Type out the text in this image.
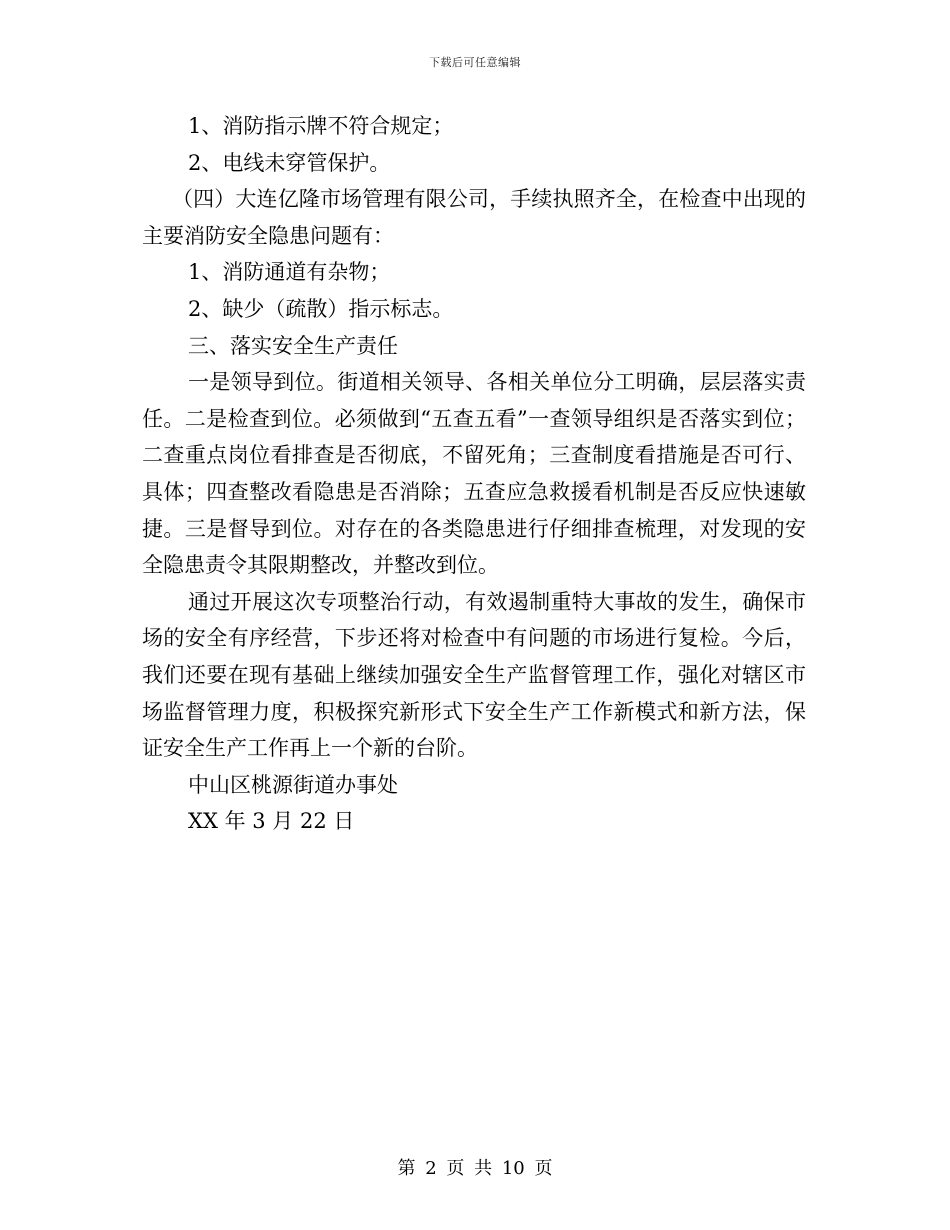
下载后可任意编辑

1、消防指示牌不符合规定；

2、电线未穿管保护。

（四）大连亿隆市场管理有限公司，手续执照齐全，在检查中出现的主要消防安全隐患问题有：

1、消防通道有杂物；

2、缺少（疏散）指示标志。

三、落实安全生产责任

一是领导到位。街道相关领导、各相关单位分工明确，层层落实责任。二是检查到位。必须做到“五查五看”一查领导组织是否落实到位；二查重点岗位看排查是否彻底，不留死角；三查制度看措施是否可行、具体；四查整改看隐患是否消除；五查应急救援看机制是否反应快速敏捷。三是督导到位。对存在的各类隐患进行仔细排查梳理，对发现的安全隐患责令其限期整改，并整改到位。

通过开展这次专项整治行动，有效遏制重特大事故的发生，确保市场的安全有序经营，下步还将对检查中有问题的市场进行复检。今后，我们还要在现有基础上继续加强安全生产监督管理工作，强化对辖区市场监督管理力度，积极探究新形式下安全生产工作新模式和新方法，保证安全生产工作再上一个新的台阶。

中山区桃源街道办事处

XX 年 3 月 22 日

第 2 页 共 10 页
